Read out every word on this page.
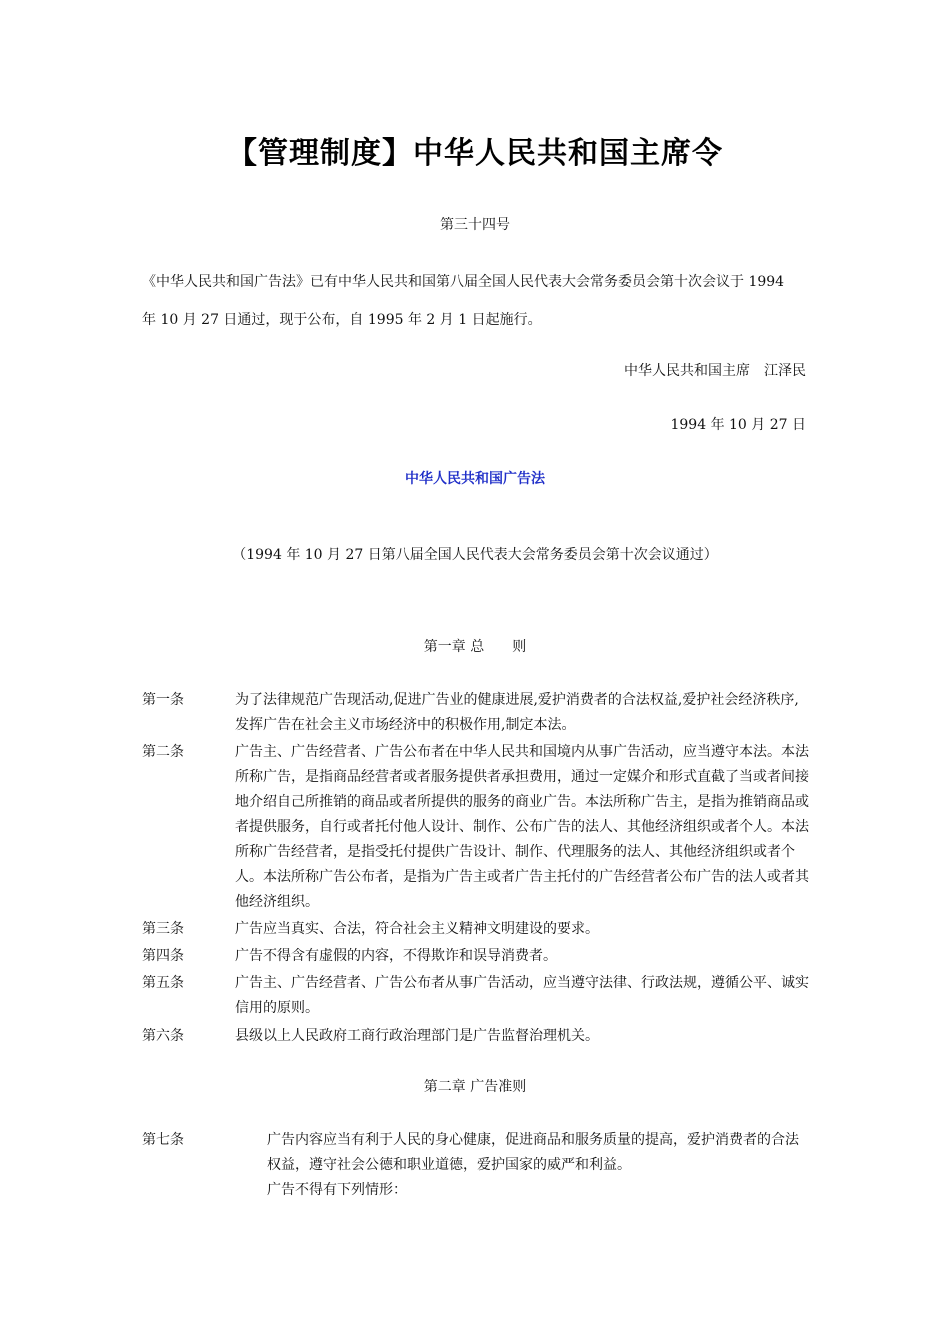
【管理制度】中华人民共和国主席令
第三十四号
《中华人民共和国广告法》已有中华人民共和国第八届全国人民代表大会常务委员会第十次会议于 1994
年 10 月 27 日通过，现于公布，自 1995 年 2 月 1 日起施行。
中华人民共和国主席　江泽民
1994 年 10 月 27 日
中华人民共和国广告法
（1994 年 10 月 27 日第八届全国人民代表大会常务委员会第十次会议通过）
第一章 总　　则
第一条	为了法律规范广告现活动,促进广告业的健康进展,爱护消费者的合法权益,爱护社会经济秩序,发挥广告在社会主义市场经济中的积极作用,制定本法。
第二条	广告主、广告经营者、广告公布者在中华人民共和国境内从事广告活动，应当遵守本法。本法所称广告，是指商品经营者或者服务提供者承担费用，通过一定媒介和形式直截了当或者间接地介绍自己所推销的商品或者所提供的服务的商业广告。本法所称广告主，是指为推销商品或者提供服务，自行或者托付他人设计、制作、公布广告的法人、其他经济组织或者个人。本法所称广告经营者，是指受托付提供广告设计、制作、代理服务的法人、其他经济组织或者个人。本法所称广告公布者，是指为广告主或者广告主托付的广告经营者公布广告的法人或者其他经济组织。
第三条	广告应当真实、合法，符合社会主义精神文明建设的要求。
第四条	广告不得含有虚假的内容，不得欺诈和误导消费者。
第五条	广告主、广告经营者、广告公布者从事广告活动，应当遵守法律、行政法规，遵循公平、诚实信用的原则。
第六条	县级以上人民政府工商行政治理部门是广告监督治理机关。
第二章 广告准则
第七条	广告内容应当有利于人民的身心健康，促进商品和服务质量的提高，爱护消费者的合法权益，遵守社会公德和职业道德，爱护国家的威严和利益。
广告不得有下列情形：
